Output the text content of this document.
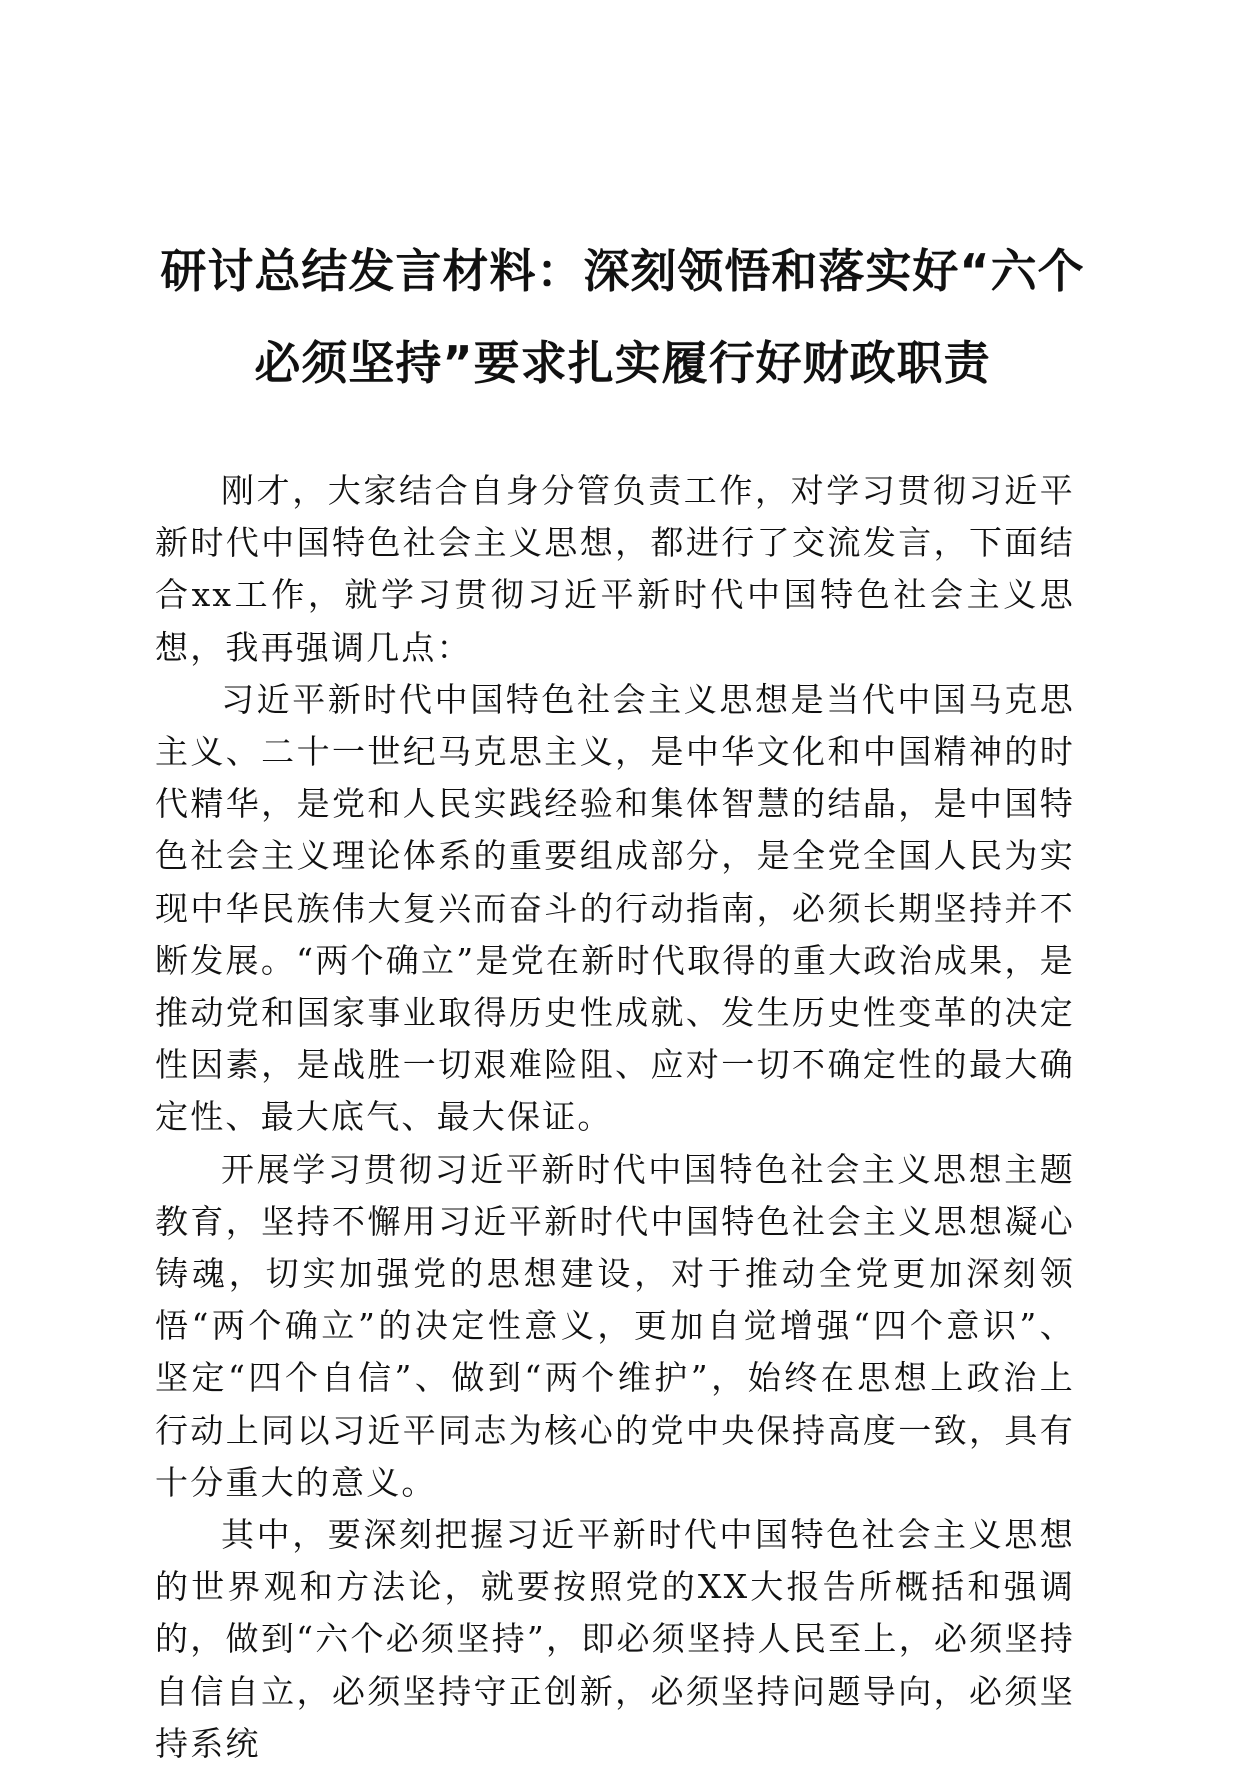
研讨总结发言材料：深刻领悟和落实好“六个
必须坚持”要求扎实履行好财政职责

刚才，大家结合自身分管负责工作，对学习贯彻习近平新时代中国特色社会主义思想，都进行了交流发言，下面结合xx工作，就学习贯彻习近平新时代中国特色社会主义思想，我再强调几点：

习近平新时代中国特色社会主义思想是当代中国马克思主义、二十一世纪马克思主义，是中华文化和中国精神的时代精华，是党和人民实践经验和集体智慧的结晶，是中国特色社会主义理论体系的重要组成部分，是全党全国人民为实现中华民族伟大复兴而奋斗的行动指南，必须长期坚持并不断发展。“两个确立”是党在新时代取得的重大政治成果，是推动党和国家事业取得历史性成就、发生历史性变革的决定性因素，是战胜一切艰难险阻、应对一切不确定性的最大确定性、最大底气、最大保证。

开展学习贯彻习近平新时代中国特色社会主义思想主题教育，坚持不懈用习近平新时代中国特色社会主义思想凝心铸魂，切实加强党的思想建设，对于推动全党更加深刻领悟“两个确立”的决定性意义，更加自觉增强“四个意识”、坚定“四个自信”、做到“两个维护”，始终在思想上政治上行动上同以习近平同志为核心的党中央保持高度一致，具有十分重大的意义。

其中，要深刻把握习近平新时代中国特色社会主义思想的世界观和方法论，就要按照党的XX大报告所概括和强调的，做到“六个必须坚持”，即必须坚持人民至上，必须坚持自信自立，必须坚持守正创新，必须坚持问题导向，必须坚持系统
